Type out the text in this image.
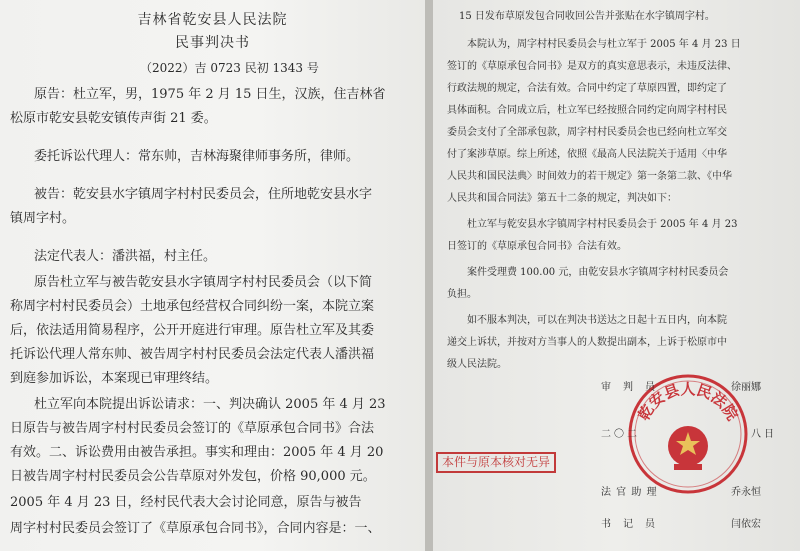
吉林省乾安县人民法院
民事判决书
（2022）吉 0723 民初 1343 号
原告：杜立军，男，1975 年 2 月 15 日生，汉族，住吉林省
松原市乾安县乾安镇传声街 21 委。
委托诉讼代理人：常东帅，吉林海聚律师事务所，律师。
被告：乾安县水字镇周字村村民委员会，住所地乾安县水字
镇周字村。
法定代表人：潘洪福，村主任。
原告杜立军与被告乾安县水字镇周字村村民委员会（以下简
称周字村村民委员会）土地承包经营权合同纠纷一案，本院立案
后，依法适用简易程序，公开开庭进行审理。原告杜立军及其委
托诉讼代理人常东帅、被告周字村村民委员会法定代表人潘洪福
到庭参加诉讼，本案现已审理终结。
杜立军向本院提出诉讼请求：一、判决确认 2005 年 4 月 23
日原告与被告周字村村民委员会签订的《草原承包合同书》合法
有效。二、诉讼费用由被告承担。事实和理由：2005 年 4 月 20
日被告周字村村民委员会公告草原对外发包，价格 90,000 元。
2005 年 4 月 23 日，经村民代表大会讨论同意，原告与被告
周字村村民委员会签订了《草原承包合同书》，合同内容是：一、
15 日发布草原发包合同收回公告并张贴在水字镇周字村。
本院认为，周字村村民委员会与杜立军于 2005 年 4 月 23 日
签订的《草原承包合同书》是双方的真实意思表示，未违反法律、
行政法规的规定，合法有效。合同中约定了草原四置，即约定了
具体面积。合同成立后，杜立军已经按照合同约定向周字村村民
委员会支付了全部承包款，周字村村民委员会也已经向杜立军交
付了案涉草原。综上所述，依照《最高人民法院关于适用〈中华
人民共和国民法典〉时间效力的若干规定》第一条第二款、《中华
人民共和国合同法》第五十二条的规定，判决如下：
杜立军与乾安县水字镇周字村村民委员会于 2005 年 4 月 23
日签订的《草原承包合同书》合法有效。
案件受理费 100.00 元，由乾安县水字镇周字村村民委员会
负担。
如不服本判决，可以在判决书送达之日起十五日内，向本院
递交上诉状，并按对方当事人的人数提出副本，上诉于松原市中
级人民法院。
乾安县人民法院
审　判　员	徐丽娜
二〇二	八日
本件与原本核对无异
法 官 助 理	乔永恒
书　记　员	闫依宏
